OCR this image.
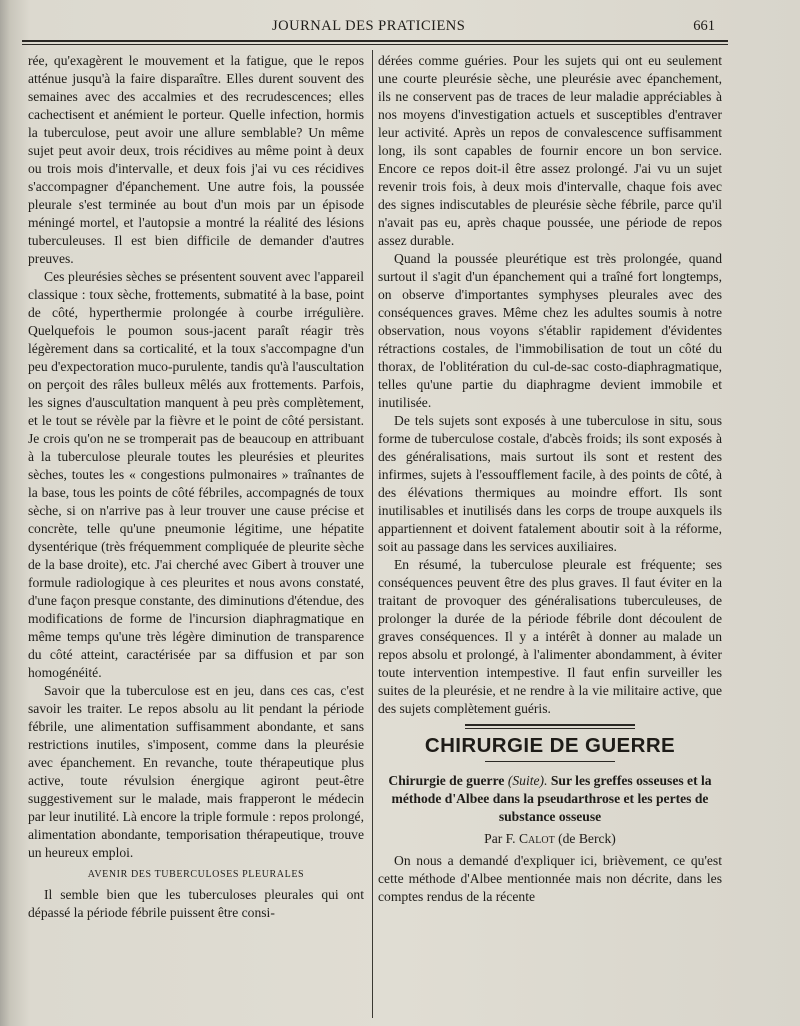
JOURNAL DES PRATICIENS	661

rée, qu'exagèrent le mouvement et la fatigue, que le repos atténue jusqu'à la faire disparaître. Elles durent souvent des semaines avec des accalmies et des recrudescences; elles cachectisent et anémient le porteur. Quelle infection, hormis la tuberculose, peut avoir une allure semblable? Un même sujet peut avoir deux, trois récidives au même point à deux ou trois mois d'intervalle, et deux fois j'ai vu ces récidives s'accompagner d'épanchement. Une autre fois, la poussée pleurale s'est terminée au bout d'un mois par un épisode méningé mortel, et l'autopsie a montré la réalité des lésions tuberculeuses. Il est bien difficile de demander d'autres preuves.

Ces pleurésies sèches se présentent souvent avec l'appareil classique : toux sèche, frottements, submatité à la base, point de côté, hyperthermie prolongée à courbe irrégulière. Quelquefois le poumon sous-jacent paraît réagir très légèrement dans sa corticalité, et la toux s'accompagne d'un peu d'expectoration muco-purulente, tandis qu'à l'auscultation on perçoit des râles bulleux mêlés aux frottements. Parfois, les signes d'auscultation manquent à peu près complètement, et le tout se révèle par la fièvre et le point de côté persistant. Je crois qu'on ne se tromperait pas de beaucoup en attribuant à la tuberculose pleurale toutes les pleurésies et pleurites sèches, toutes les « congestions pulmonaires » traînantes de la base, tous les points de côté fébriles, accompagnés de toux sèche, si on n'arrive pas à leur trouver une cause précise et concrète, telle qu'une pneumonie légitime, une hépatite dysentérique (très fréquemment compliquée de pleurite sèche de la base droite), etc. J'ai cherché avec Gibert à trouver une formule radiologique à ces pleurites et nous avons constaté, d'une façon presque constante, des diminutions d'étendue, des modifications de forme de l'incursion diaphragmatique en même temps qu'une très légère diminution de transparence du côté atteint, caractérisée par sa diffusion et par son homogénéité.

Savoir que la tuberculose est en jeu, dans ces cas, c'est savoir les traiter. Le repos absolu au lit pendant la période fébrile, une alimentation suffisamment abondante, et sans restrictions inutiles, s'imposent, comme dans la pleurésie avec épanchement. En revanche, toute thérapeutique plus active, toute révulsion énergique agiront peut-être suggestivement sur le malade, mais frapperont le médecin par leur inutilité. Là encore la triple formule : repos prolongé, alimentation abondante, temporisation thérapeutique, trouve un heureux emploi.

AVENIR DES TUBERCULOSES PLEURALES

Il semble bien que les tuberculoses pleurales qui ont dépassé la période fébrile puissent être consi-

dérées comme guéries. Pour les sujets qui ont eu seulement une courte pleurésie sèche, une pleurésie avec épanchement, ils ne conservent pas de traces de leur maladie appréciables à nos moyens d'investigation actuels et susceptibles d'entraver leur activité. Après un repos de convalescence suffisamment long, ils sont capables de fournir encore un bon service. Encore ce repos doit-il être assez prolongé. J'ai vu un sujet revenir trois fois, à deux mois d'intervalle, chaque fois avec des signes indiscutables de pleurésie sèche fébrile, parce qu'il n'avait pas eu, après chaque poussée, une période de repos assez durable.

Quand la poussée pleurétique est très prolongée, quand surtout il s'agit d'un épanchement qui a traîné fort longtemps, on observe d'importantes symphyses pleurales avec des conséquences graves. Même chez les adultes soumis à notre observation, nous voyons s'établir rapidement d'évidentes rétractions costales, de l'immobilisation de tout un côté du thorax, de l'oblitération du cul-de-sac costo-diaphragmatique, telles qu'une partie du diaphragme devient immobile et inutilisée.

De tels sujets sont exposés à une tuberculose in situ, sous forme de tuberculose costale, d'abcès froids; ils sont exposés à des généralisations, mais surtout ils sont et restent des infirmes, sujets à l'essoufflement facile, à des points de côté, à des élévations thermiques au moindre effort. Ils sont inutilisables et inutilisés dans les corps de troupe auxquels ils appartiennent et doivent fatalement aboutir soit à la réforme, soit au passage dans les services auxiliaires.

En résumé, la tuberculose pleurale est fréquente; ses conséquences peuvent être des plus graves. Il faut éviter en la traitant de provoquer des généralisations tuberculeuses, de prolonger la durée de la période fébrile dont découlent de graves conséquences. Il y a intérêt à donner au malade un repos absolu et prolongé, à l'alimenter abondamment, à éviter toute intervention intempestive. Il faut enfin surveiller les suites de la pleurésie, et ne rendre à la vie militaire active, que des sujets complètement guéris.

CHIRURGIE DE GUERRE
Chirurgie de guerre (Suite). Sur les greffes osseuses et la méthode d'Albee dans la pseudarthrose et les pertes de substance osseuse
Par F. Calot (de Berck)

On nous a demandé d'expliquer ici, brièvement, ce qu'est cette méthode d'Albee mentionnée mais non décrite, dans les comptes rendus de la récente
